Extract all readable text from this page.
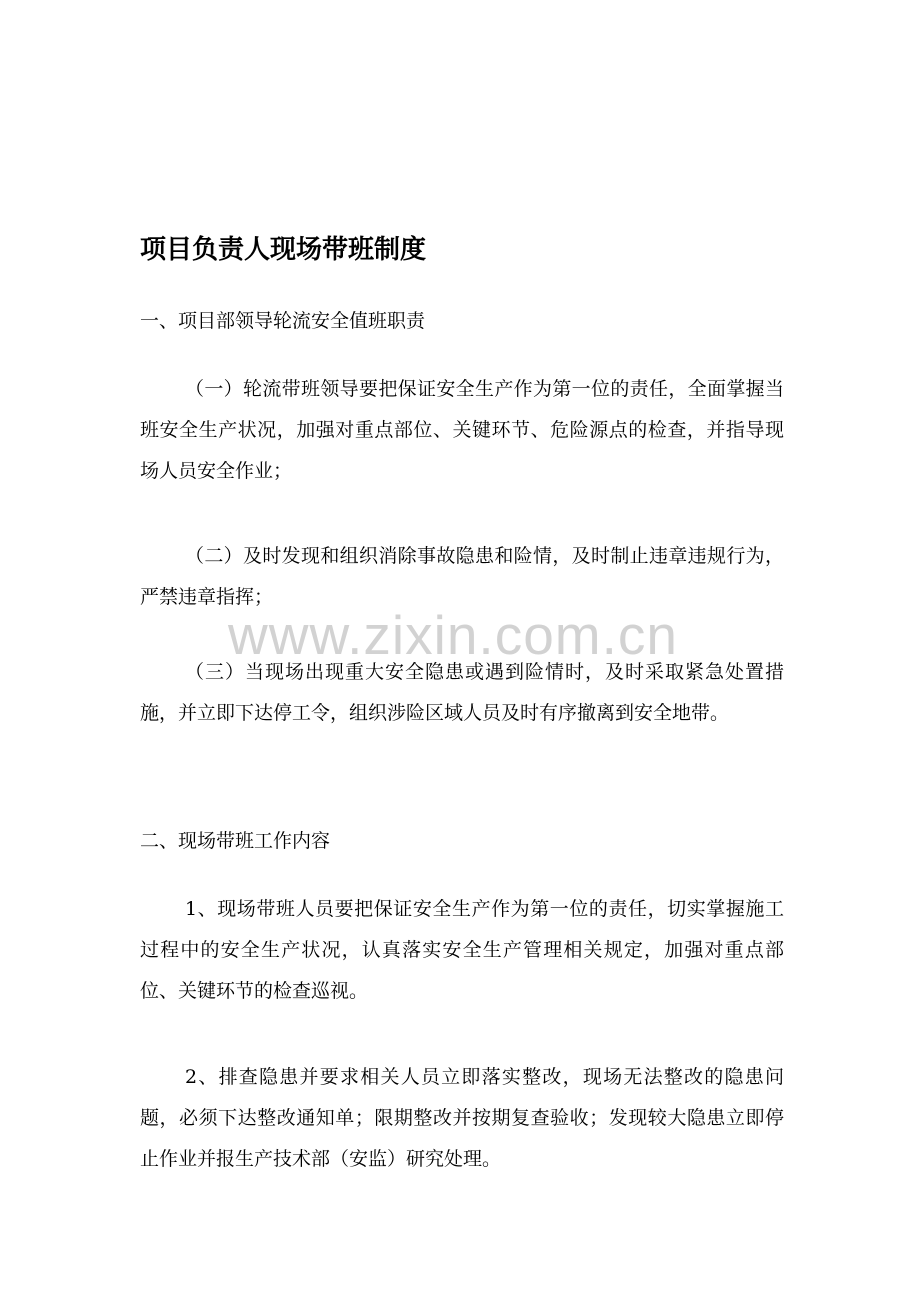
项目负责人现场带班制度
一、项目部领导轮流安全值班职责
（一）轮流带班领导要把保证安全生产作为第一位的责任，全面掌握当班安全生产状况，加强对重点部位、关键环节、危险源点的检查，并指导现场人员安全作业；
（二）及时发现和组织消除事故隐患和险情，及时制止违章违规行为，严禁违章指挥；
（三）当现场出现重大安全隐患或遇到险情时，及时采取紧急处置措施，并立即下达停工令，组织涉险区域人员及时有序撤离到安全地带。
二、现场带班工作内容
1、现场带班人员要把保证安全生产作为第一位的责任，切实掌握施工过程中的安全生产状况，认真落实安全生产管理相关规定，加强对重点部位、关键环节的检查巡视。
2、排查隐患并要求相关人员立即落实整改，现场无法整改的隐患问题，必须下达整改通知单；限期整改并按期复查验收；发现较大隐患立即停止作业并报生产技术部（安监）研究处理。
www.zixin.com.cn
